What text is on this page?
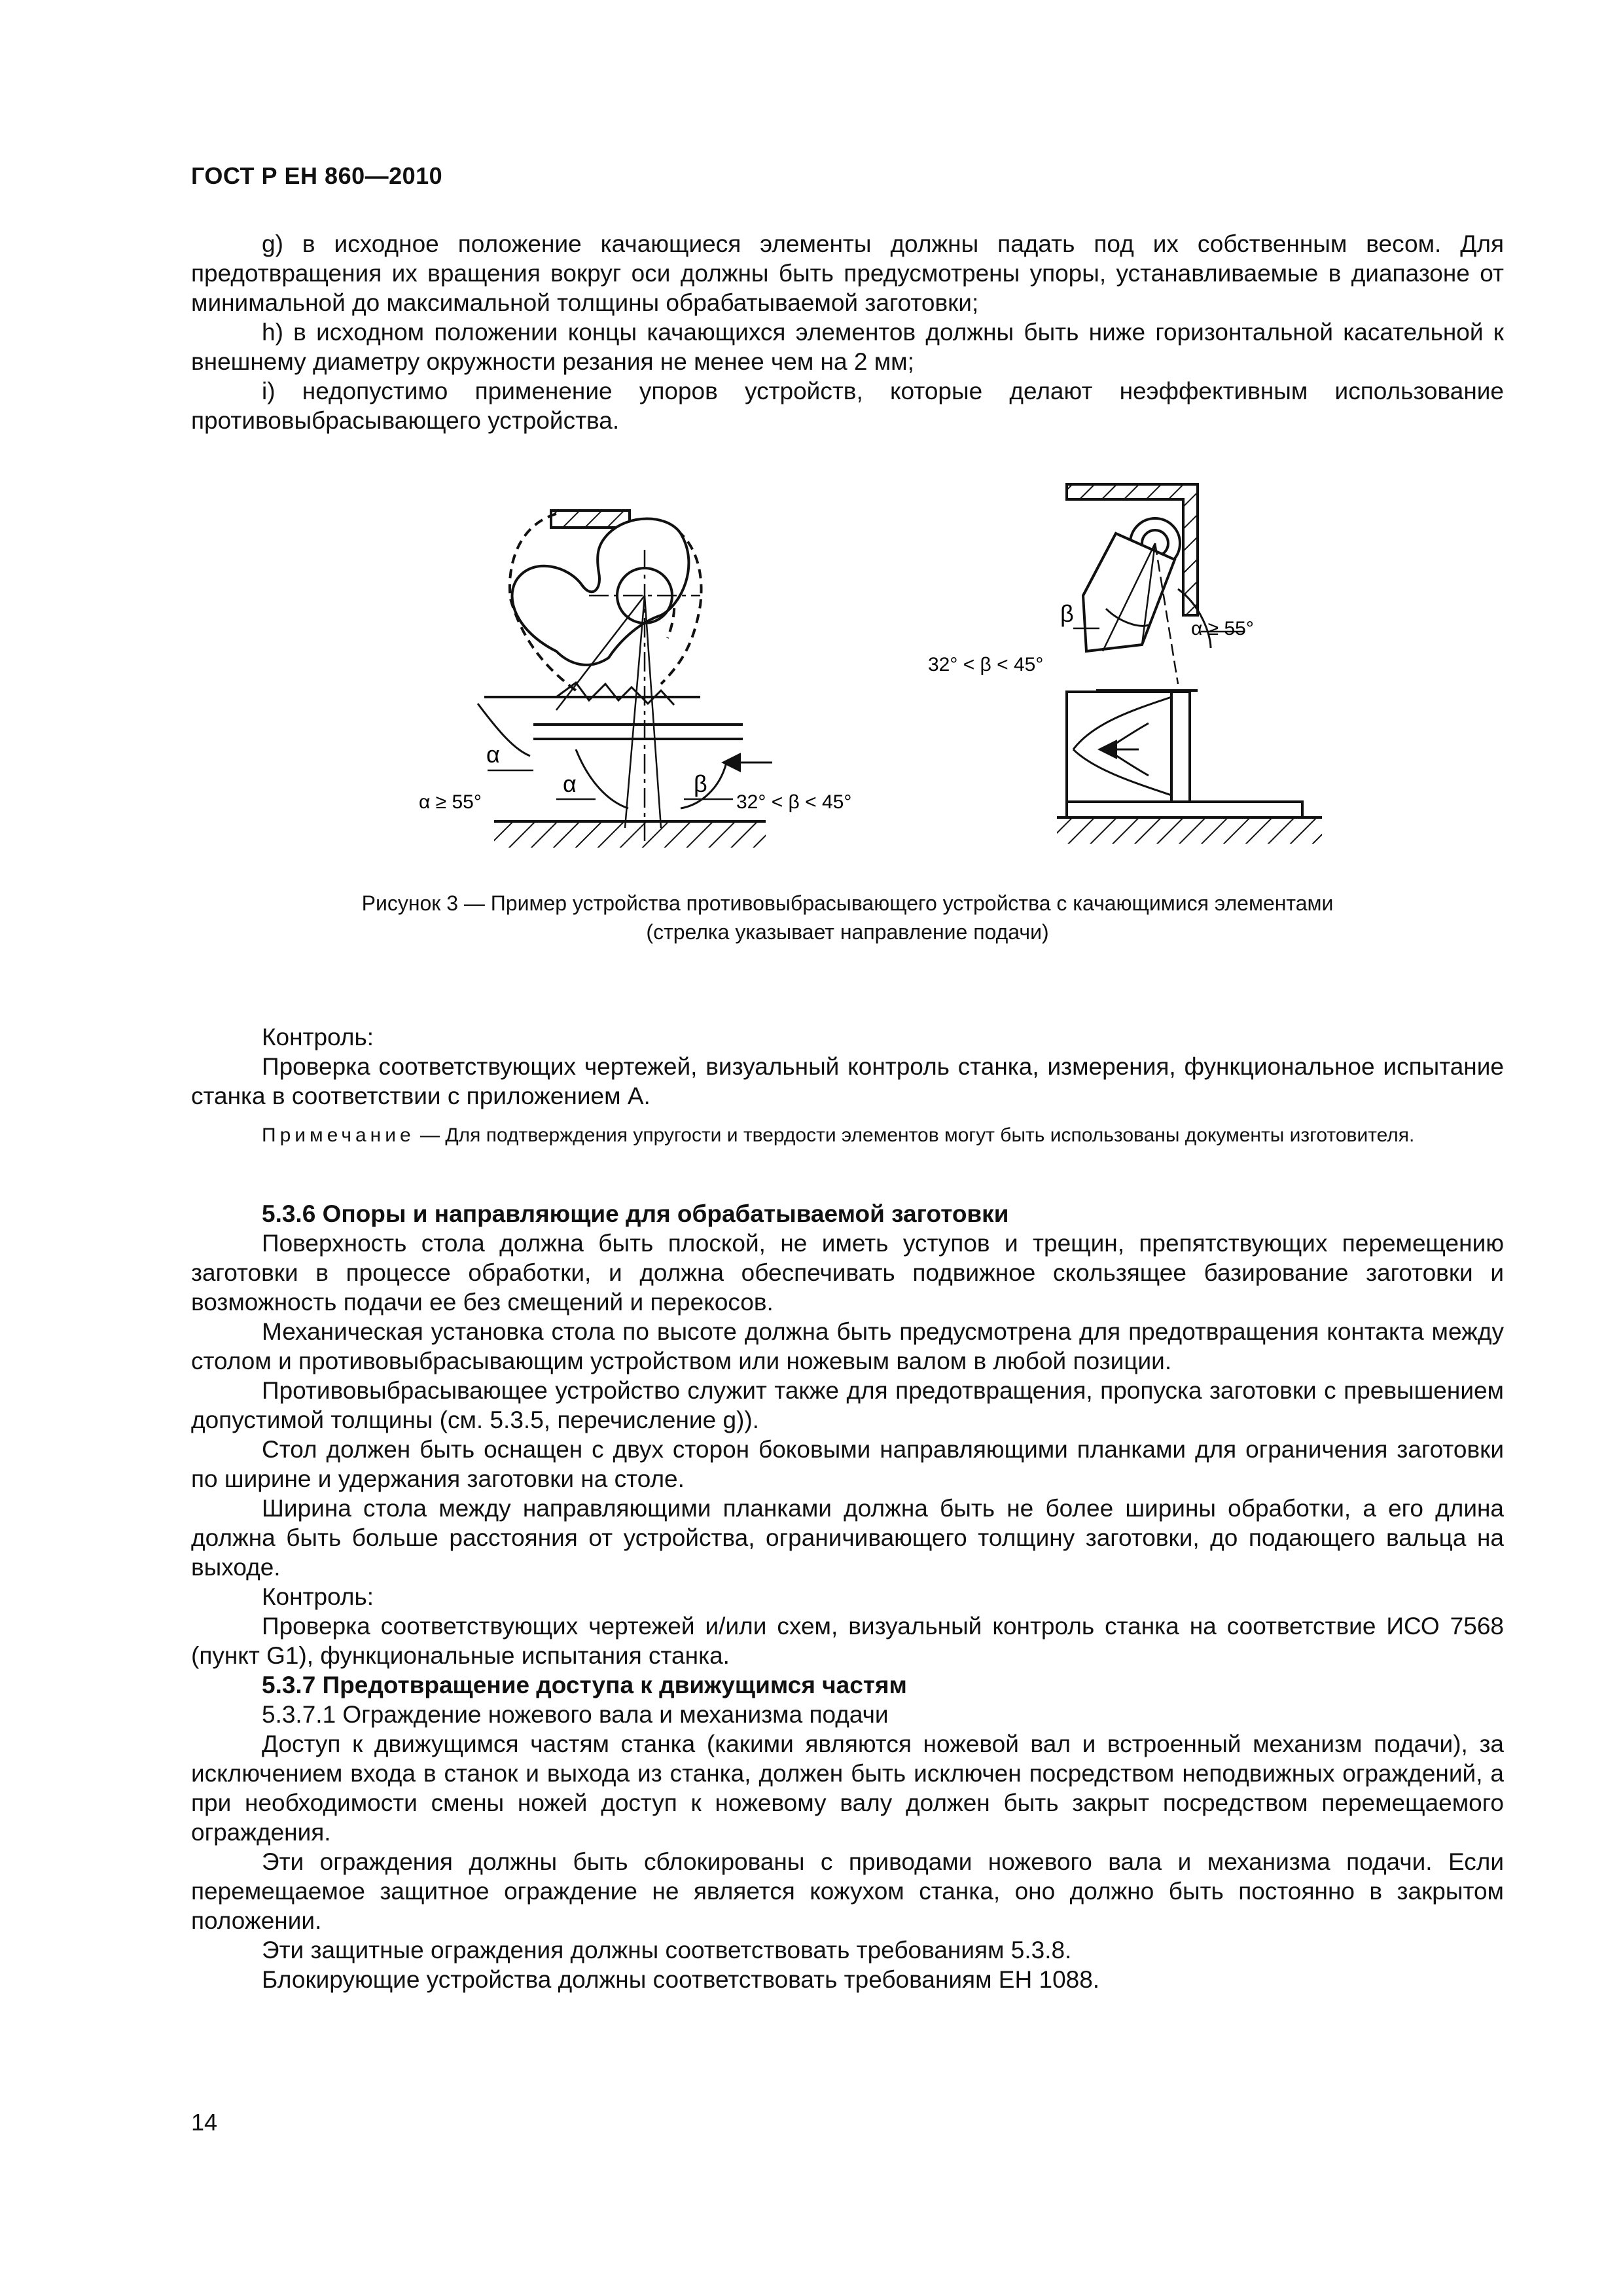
ГОСТ Р ЕН 860—2010

g) в исходное положение качающиеся элементы должны падать под их собственным весом. Для предотвращения их вращения вокруг оси должны быть предусмотрены упоры, устанавливаемые в диапазоне от минимальной до максимальной толщины обрабатываемой заготовки;

h) в исходном положении концы качающихся элементов должны быть ниже горизонтальной касательной к внешнему диаметру окружности резания не менее чем на 2 мм;

i) недопустимо применение упоров устройств, которые делают неэффективным использование противовыбрасывающего устройства.

α
α
α ≥ 55°
β
32° < β < 45°
β
32° < β < 45°
α ≥ 55°
Рисунок 3 — Пример устройства противовыбрасывающего устройства с качающимися элементами
(стрелка указывает направление подачи)

Контроль:

Проверка соответствующих чертежей, визуальный контроль станка, измерения, функциональное испытание станка в соответствии с приложением А.

Примечание — Для подтверждения упругости и твердости элементов могут быть использованы документы изготовителя.

5.3.6 Опоры и направляющие для обрабатываемой заготовки

Поверхность стола должна быть плоской, не иметь уступов и трещин, препятствующих перемещению заготовки в процессе обработки, и должна обеспечивать подвижное скользящее базирование заготовки и возможность подачи ее без смещений и перекосов.

Механическая установка стола по высоте должна быть предусмотрена для предотвращения контакта между столом и противовыбрасывающим устройством или ножевым валом в любой позиции.

Противовыбрасывающее устройство служит также для предотвращения, пропуска заготовки с превышением допустимой толщины (см. 5.3.5, перечисление g)).

Стол должен быть оснащен с двух сторон боковыми направляющими планками для ограничения заготовки по ширине и удержания заготовки на столе.

Ширина стола между направляющими планками должна быть не более ширины обработки, а его длина должна быть больше расстояния от устройства, ограничивающего толщину заготовки, до подающего вальца на выходе.

Контроль:

Проверка соответствующих чертежей и/или схем, визуальный контроль станка на соответствие ИСО 7568 (пункт G1), функциональные испытания станка.

5.3.7 Предотвращение доступа к движущимся частям

5.3.7.1 Ограждение ножевого вала и механизма подачи

Доступ к движущимся частям станка (какими являются ножевой вал и встроенный механизм подачи), за исключением входа в станок и выхода из станка, должен быть исключен посредством неподвижных ограждений, а при необходимости смены ножей доступ к ножевому валу должен быть закрыт посредством перемещаемого ограждения.

Эти ограждения должны быть сблокированы с приводами ножевого вала и механизма подачи. Если перемещаемое защитное ограждение не является кожухом станка, оно должно быть постоянно в закрытом положении.

Эти защитные ограждения должны соответствовать требованиям 5.3.8.

Блокирующие устройства должны соответствовать требованиям ЕН 1088.

14
